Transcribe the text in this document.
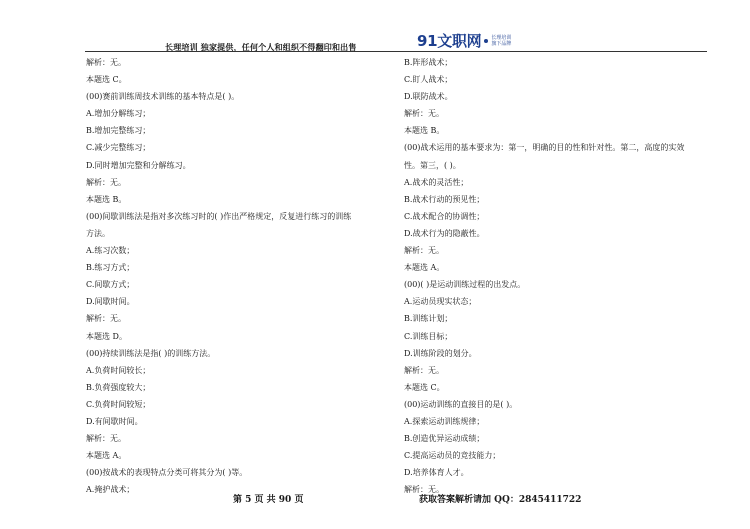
长理培训 独家提供，任何个人和组织不得翻印和出售	91文职网 长理培训
旗下品牌
解析：无。
本题选 C。
(00)赛前训练周技术训练的基本特点是( )。
A.增加分解练习；
B.增加完整练习；
C.减少完整练习；
D.同时增加完整和分解练习。
解析：无。
本题选 B。
(00)间歇训练法是指对多次练习时的( )作出严格规定，反复进行练习的训练
方法。
A.练习次数；
B.练习方式；
C.间歇方式；
D.间歇时间。
解析：无。
本题选 D。
(00)持续训练法是指( )的训练方法。
A.负荷时间较长；
B.负荷强度较大；
C.负荷时间较短；
D.有间歇时间。
解析：无。
本题选 A。
(00)按战术的表现特点分类可将其分为( )等。
A.掩护战术；
B.阵形战术；
C.盯人战术；
D.联防战术。
解析：无。
本题选 B。
(00)战术运用的基本要求为：第一，明确的目的性和针对性。第二，高度的实效
性。第三，( )。
A.战术的灵活性；
B.战术行动的预见性；
C.战术配合的协调性；
D.战术行为的隐蔽性。
解析：无。
本题选 A。
(00)( )是运动训练过程的出发点。
A.运动员现实状态；
B.训练计划；
C.训练目标；
D.训练阶段的划分。
解析：无。
本题选 C。
(00)运动训练的直接目的是( )。
A.探索运动训练规律；
B.创造优异运动成绩；
C.提高运动员的竞技能力；
D.培养体育人才。
解析：无。
第 5 页 共 90 页	获取答案解析请加 QQ：2845411722
